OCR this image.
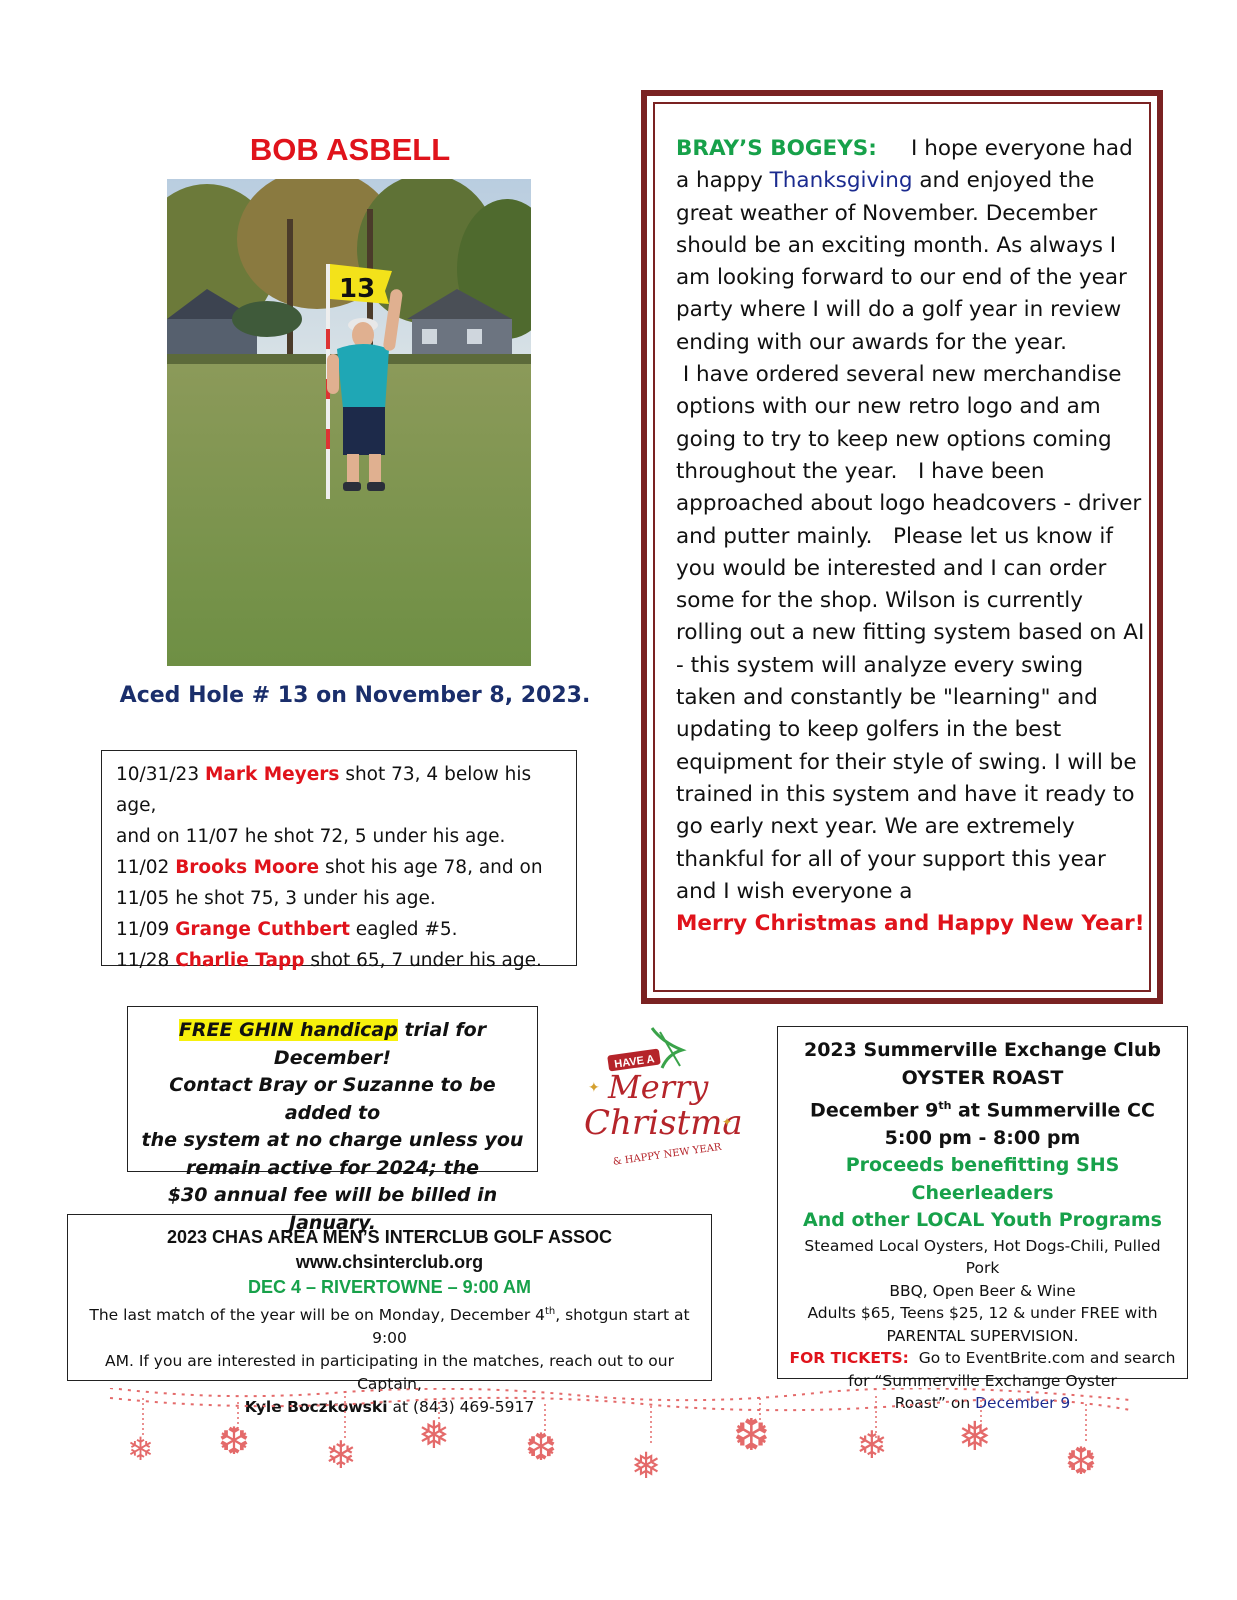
BOB ASBELL
13
Aced Hole # 13 on November 8, 2023.
10/31/23 Mark Meyers shot 73, 4 below his age,
and on 11/07 he shot 72, 5 under his age.
11/02 Brooks Moore shot his age 78, and on
11/05 he shot 75, 3 under his age.
11/09 Grange Cuthbert eagled #5.
11/28 Charlie Tapp shot 65, 7 under his age.
BRAY’S BOGEYS:     I hope everyone had a happy Thanksgiving and enjoyed the great weather of November. December should be an exciting month. As always I am looking forward to our end of the year party where I will do a golf year in review ending with our awards for the year.
I have ordered several new merchandise options with our new retro logo and am going to try to keep new options coming throughout the year.   I have been approached about logo headcovers - driver and putter mainly.   Please let us know if you would be interested and I can order some for the shop. Wilson is currently rolling out a new fitting system based on AI - this system will analyze every swing taken and constantly be "learning" and updating to keep golfers in the best equipment for their style of swing. I will be trained in this system and have it ready to go early next year. We are extremely thankful for all of your support this year and I wish everyone a
Merry Christmas and Happy New Year!
FREE GHIN handicap trial for December!
Contact Bray or Suzanne to be added to
the system at no charge unless you
remain active for 2024; the
$30 annual fee will be billed in January.
HAVE A
Merry
Christma
& HAPPY NEW YEAR
✦
✦
2023 Summerville Exchange Club
OYSTER ROAST
December 9th at Summerville CC
5:00 pm - 8:00 pm
Proceeds benefitting SHS Cheerleaders
And other LOCAL Youth Programs
Steamed Local Oysters, Hot Dogs-Chili, Pulled Pork
BBQ, Open Beer & Wine
Adults $65, Teens $25, 12 & under FREE with
PARENTAL SUPERVISION.
FOR TICKETS:  Go to EventBrite.com and search
for “Summerville Exchange Oyster
Roast” on December 9
2023 CHAS AREA MEN’S INTERCLUB GOLF ASSOC
www.chsinterclub.org
DEC 4 – RIVERTOWNE – 9:00 AM
The last match of the year will be on Monday, December 4th, shotgun start at 9:00
AM. If you are interested in participating in the matches, reach out to our Captain,
Kyle Boczkowski at (843) 469-5917
❄ ❆ ❄ ❅ ❆ ❅
❆ ❄ ❅
❆
